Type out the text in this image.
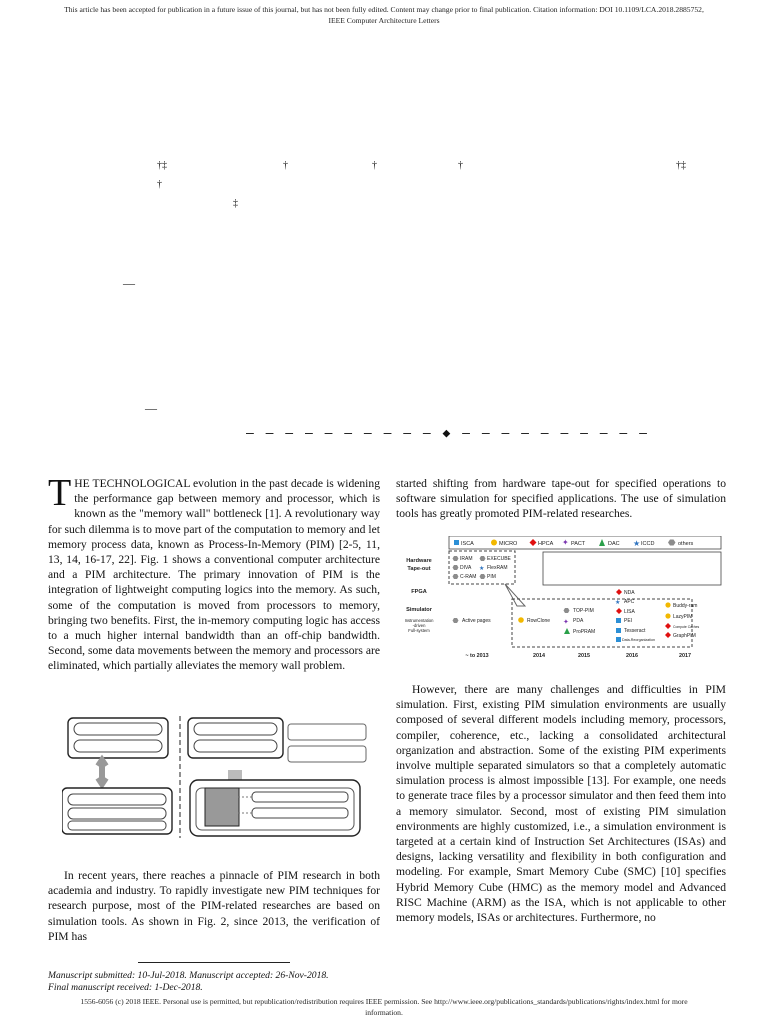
This article has been accepted for publication in a future issue of this journal, but has not been fully edited. Content may change prior to final publication. Citation information: DOI 10.1109/LCA.2018.2885752,
IEEE Computer Architecture Letters
†‡	†	†	†	†‡
†
‡
—
—
— — — — — — — — — — ◆ — — — — — — — — — —

THE TECHNOLOGICAL evolution in the past decade is widening the performance gap between memory and processor, which is known as the "memory wall" bottleneck [1]. A revolutionary way for such dilemma is to move part of the computation to memory and let memory process data, known as Process-In-Memory (PIM) [2-5, 11, 13, 14, 16-17, 22]. Fig. 1 shows a conventional computer architecture and a PIM architecture. The primary innovation of PIM is the integration of lightweight computing logics into the memory. As such, some of the computation is moved from processors to memory, bringing two benefits. First, the in-memory computing logic has access to a much higher internal bandwidth than an off-chip bandwidth. Second, some data movements between the memory and processors are eliminated, which partially alleviates the memory wall problem.

In recent years, there reaches a pinnacle of PIM research in both academia and industry. To rapidly investigate new PIM techniques for research purpose, most of the PIM-related researches are based on simulation tools. As shown in Fig. 2, since 2013, the verification of PIM has

Manuscript submitted: 10-Jul-2018. Manuscript accepted: 26-Nov-2018.
Final manuscript received: 1-Dec-2018.

started shifting from hardware tape-out for specified operations to software simulation for specified applications. The use of simulation tools has greatly promoted PIM-related researches.

ISCA	MICRO	HPCA ✦ PACT	DAC ★ ICCD	others
Hardware
Tape-out
FPGA
Simulator
Instrumentation
-driven
Full-system
IRAM	EXECUBE
DIVA ★ FlexRAM
C-RAM PIM
NDA
★ APC
Buddy-ram
LISA
LazyPIM
PEI
Compute Caches
Tesseract
GraphPIM
Data-Reorganization
TOP-PIM
✦ PDA
ProPRAM
RowClone
Active pages
~ to 2013	2014	2015	2016	2017

However, there are many challenges and difficulties in PIM simulation. First, existing PIM simulation environments are usually composed of several different models including memory, processors, compiler, coherence, etc., lacking a consolidated architectural organization and abstraction. Some of the existing PIM experiments involve multiple separated simulators so that a completely automatic simulation process is almost impossible [13]. For example, one needs to generate trace files by a processor simulator and then feed them into a memory simulator. Second, most of existing PIM simulation environments are highly customized, i.e., a simulation environment is targeted at a certain kind of Instruction Set Architectures (ISAs) and designs, lacking versatility and flexibility in both configuration and modeling. For example, Smart Memory Cube (SMC) [10] specifies Hybrid Memory Cube (HMC) as the memory model and Advanced RISC Machine (ARM) as the ISA, which is not applicable to other memory models, ISAs or architectures. Furthermore, no

1556-6056 (c) 2018 IEEE. Personal use is permitted, but republication/redistribution requires IEEE permission. See http://www.ieee.org/publications_standards/publications/rights/index.html for more
information.
